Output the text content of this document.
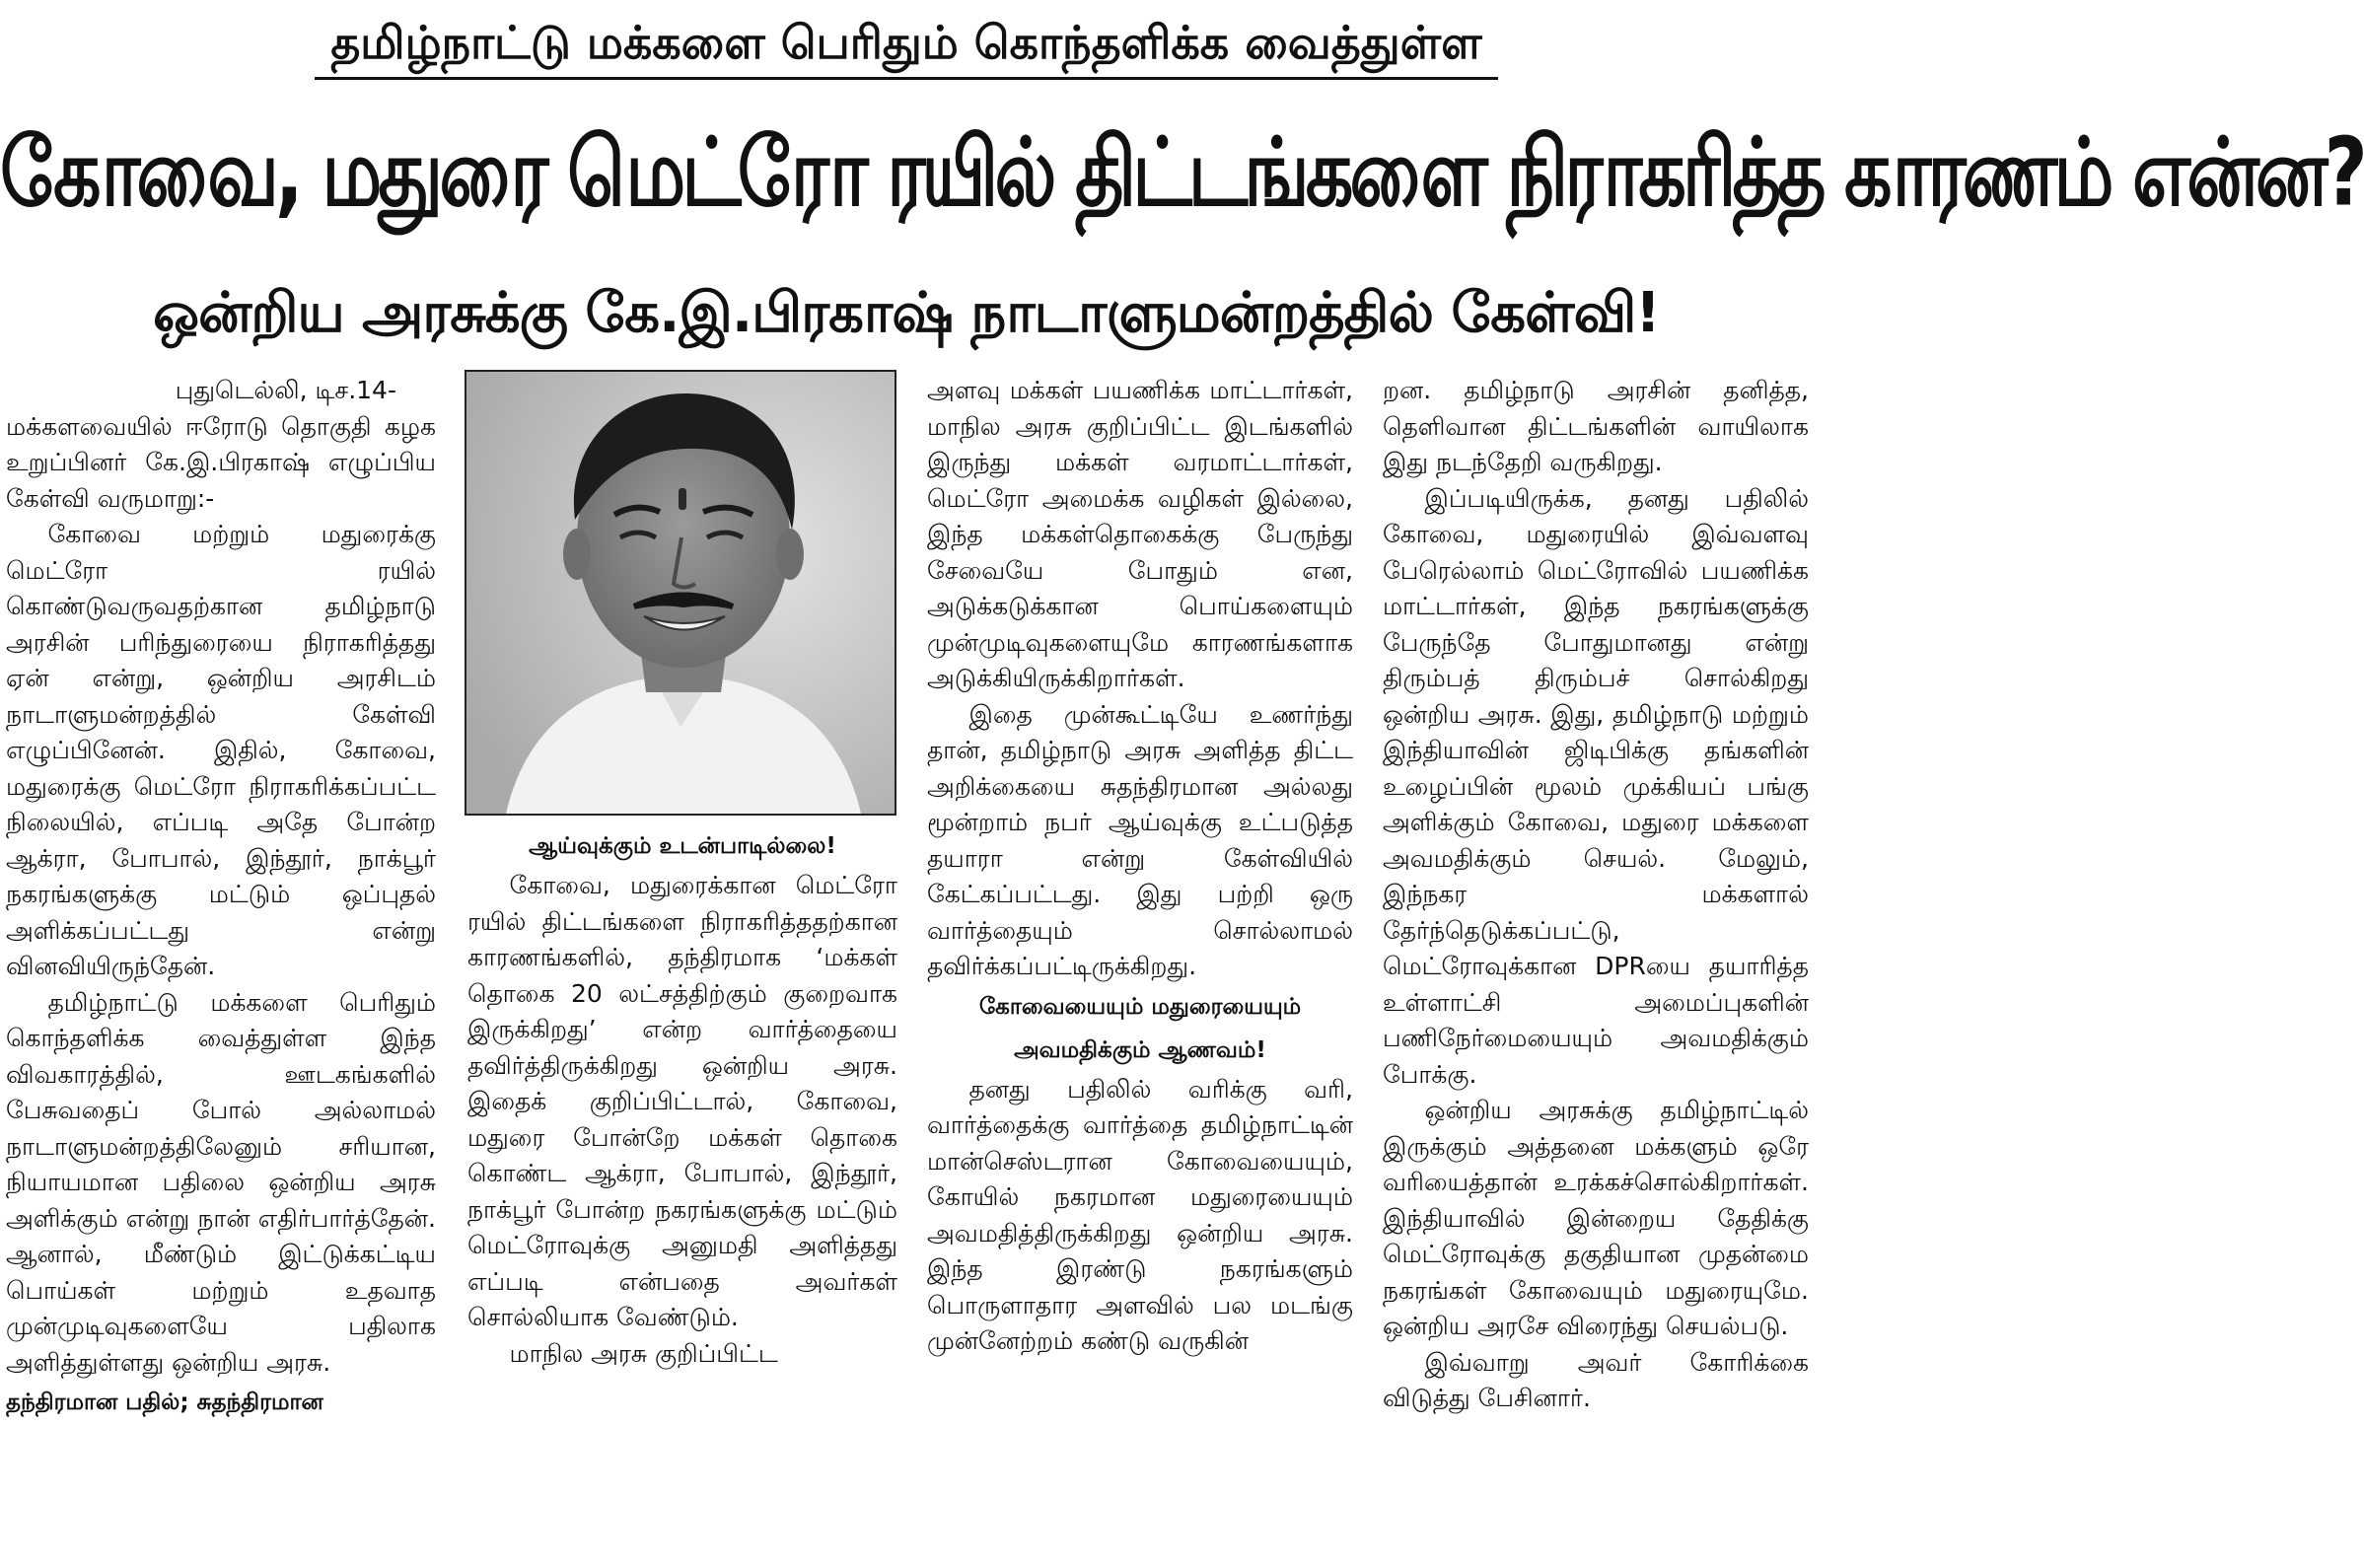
தமிழ்நாட்டு மக்களை பெரிதும் கொந்தளிக்க வைத்துள்ள
கோவை, மதுரை மெட்ரோ ரயில் திட்டங்களை நிராகரித்த காரணம் என்ன?
ஒன்றிய அரசுக்கு கே.இ.பிரகாஷ் நாடாளுமன்றத்தில் கேள்வி!

புதுடெல்லி, டிச.14-

மக்களவையில் ஈரோடு தொகுதி கழக உறுப்பினர் கே.இ.பிரகாஷ் எழுப்பிய கேள்வி வருமாறு:-

கோவை மற்றும் மதுரைக்கு மெட்ரோ ரயில் கொண்டுவருவதற்கான தமிழ்நாடு அரசின் பரிந்துரையை நிராகரித்தது ஏன் என்று, ஒன்றிய அரசிடம் நாடாளுமன்றத்தில் கேள்வி எழுப்பினேன். இதில், கோவை, மதுரைக்கு மெட்ரோ நிராகரிக்கப்பட்ட நிலையில், எப்படி அதே போன்ற ஆக்ரா, போபால், இந்தூர், நாக்பூர் நகரங்களுக்கு மட்டும் ஒப்புதல் அளிக்கப்பட்டது என்று வினவியிருந்தேன்.

தமிழ்நாட்டு மக்களை பெரிதும் கொந்தளிக்க வைத்துள்ள இந்த விவகாரத்தில், ஊடகங்களில் பேசுவதைப் போல் அல்லாமல் நாடாளுமன்றத்திலேனும் சரியான, நியாயமான பதிலை ஒன்றிய அரசு அளிக்கும் என்று நான் எதிர்பார்த்தேன். ஆனால், மீண்டும் இட்டுக்கட்டிய பொய்கள் மற்றும் உதவாத முன்முடிவுகளையே பதிலாக அளித்துள்ளது ஒன்றிய அரசு.

தந்திரமான பதில்; சுதந்திரமான

ஆய்வுக்கும் உடன்பாடில்லை!

கோவை, மதுரைக்கான மெட்ரோ ரயில் திட்டங்களை நிராகரித்ததற்கான காரணங்களில், தந்திரமாக ‘மக்கள் தொகை 20 லட்சத்திற்கும் குறைவாக இருக்கிறது’ என்ற வார்த்தையை தவிர்த்திருக்கிறது ஒன்றிய அரசு. இதைக் குறிப்பிட்டால், கோவை, மதுரை போன்றே மக்கள் தொகை கொண்ட ஆக்ரா, போபால், இந்தூர், நாக்பூர் போன்ற நகரங்களுக்கு மட்டும் மெட்ரோவுக்கு அனுமதி அளித்தது எப்படி என்பதை அவர்கள் சொல்லியாக வேண்டும்.

மாநில அரசு குறிப்பிட்ட

அளவு மக்கள் பயணிக்க மாட்டார்கள், மாநில அரசு குறிப்பிட்ட இடங்களில் இருந்து மக்கள் வரமாட்டார்கள், மெட்ரோ அமைக்க வழிகள் இல்லை, இந்த மக்கள்தொகைக்கு பேருந்து சேவையே போதும் என, அடுக்கடுக்கான பொய்களையும் முன்முடிவுகளையுமே காரணங்களாக அடுக்கியிருக்கிறார்கள்.

இதை முன்கூட்டியே உணர்ந்து தான், தமிழ்நாடு அரசு அளித்த திட்ட அறிக்கையை சுதந்திரமான அல்லது மூன்றாம் நபர் ஆய்வுக்கு உட்படுத்த தயாரா என்று கேள்வியில் கேட்கப்பட்டது. இது பற்றி ஒரு வார்த்தையும் சொல்லாமல் தவிர்க்கப்பட்டிருக்கிறது.

கோவையையும் மதுரையையும்

அவமதிக்கும் ஆணவம்!

தனது பதிலில் வரிக்கு வரி, வார்த்தைக்கு வார்த்தை தமிழ்நாட்டின் மான்செஸ்டரான கோவையையும், கோயில் நகரமான மதுரையையும் அவமதித்திருக்கிறது ஒன்றிய அரசு. இந்த இரண்டு நகரங்களும் பொருளாதார அளவில் பல மடங்கு முன்னேற்றம் கண்டு வருகின்

றன. தமிழ்நாடு அரசின் தனித்த, தெளிவான திட்டங்களின் வாயிலாக இது நடந்தேறி வருகிறது.

இப்படியிருக்க, தனது பதிலில் கோவை, மதுரையில் இவ்வளவு பேரெல்லாம் மெட்ரோவில் பயணிக்க மாட்டார்கள், இந்த நகரங்களுக்கு பேருந்தே போதுமானது என்று திரும்பத் திரும்பச் சொல்கிறது ஒன்றிய அரசு. இது, தமிழ்நாடு மற்றும் இந்தியாவின் ஜிடிபிக்கு தங்களின் உழைப்பின் மூலம் முக்கியப் பங்கு அளிக்கும் கோவை, மதுரை மக்களை அவமதிக்கும் செயல். மேலும், இந்நகர மக்களால் தேர்ந்தெடுக்கப்பட்டு, மெட்ரோவுக்கான DPRயை தயாரித்த உள்ளாட்சி அமைப்புகளின் பணிநேர்மையையும் அவமதிக்கும் போக்கு.

ஒன்றிய அரசுக்கு தமிழ்நாட்டில் இருக்கும் அத்தனை மக்களும் ஒரே வரியைத்தான் உரக்கச்சொல்கிறார்கள். இந்தியாவில் இன்றைய தேதிக்கு மெட்ரோவுக்கு தகுதியான முதன்மை நகரங்கள் கோவையும் மதுரையுமே. ஒன்றிய அரசே விரைந்து செயல்படு.

இவ்வாறு அவர் கோரிக்கை விடுத்து பேசினார்.
